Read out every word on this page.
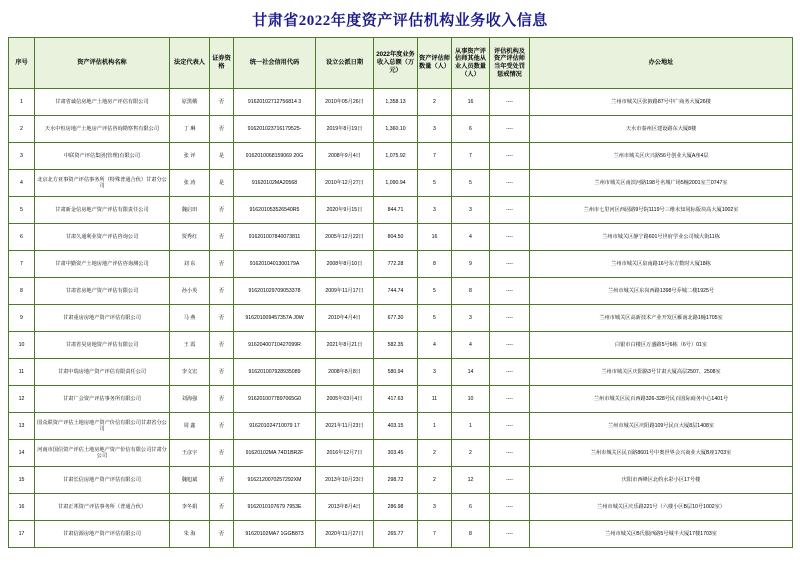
甘肃省2022年度资产评估机构业务收入信息
序号	资产评估机构名称	法定代表人	证券资格	统一社会信用代码	设立公派日期	2022年度业务收入总额（万元）	资产评估师数量（人）	从事资产评估师其他从业人员数量（人）	评估机构及资产评估师当年受处罚惩戒情况	办公地址
1	甘肃省诚信房地产土地房产评估有限公司	原黑娥	否	91620102712756814 3	2010年05月26日	1,358.13	2	16	----	兰州市城关区张掖路87号中广商务大厦26楼
2	天水中恒房地产土地房产评估咨询勘察售有限公司	丁 琳	否	916201023716179525-	2019年8月19日	1,360.10	3	6	----	天水市秦州区建设路东大厦8楼
3	中联资产评估集团(管理)有限公司	张 评	是	9162010068159069 20G	2008年9月4日	1,075.92	7	7	----	兰州市城关区庆兴路56号创业大厦A座4层
4	北京北方亚事资产评估事务所（特殊普通合伙）甘肃分公司	张 涛	是	91620102MA20568	2010年12月27日	1,090.94	5	5	----	兰州市城关区南滨河路198号名城广场5幢2001室兰0747室
5	甘肃新金信房地产资产评估有限责任公司	魏启田	否	916201053526540R5	2020年9月15日	844.71	3	3	----	兰州市七里河区西固路9号院1119号三维未知同标版块高大厦1002室
6	甘肃久通利业资产评估咨询公司	贾秀红	否	916201007840073811	2005年12月22日	804.50	16	4	----	兰州市城关区静宁路601号世府学业公司城大街11栋
7	甘肃中勤资产土地房地产评估咨询测公司	刘 东	否	9162010401300179A	2008年8月10日	772.28	8	9	----	兰州市城关区泉南路16号东方数时大厦18栋
8	甘肃省房地产资产评估有限公司	孙小英	否	916201029709053378	2009年11月17日	744.74	5	8	----	兰州市城关区东岗西路1398号乔城二楼1925号
9	甘肃重房房地产资产评估有限公司	马 燕	否	916201009457357A J0W	2010年4月4日	677.30	5	3	----	兰州市城关区高新技术产业开发区雁南北路1幢1705室
10	甘肃省昊房地资产评估有限公司	王 霞	否	91620400710427099R	2021年8月21日	582.35	4	4	----	白银市白楼区万盛路5号6栋（6号）01室
11	甘肃中瑞房地产资产评估有限责任公司	李文宏	否	916201007928935089	2008年8月8日	580.94	3	14	----	兰州市城关区庆阳路3号甘肃大厦高层2507、2508室
12	甘肃广会资产评估事务所有限公司	刘海强	否	9162010077897065G0	2005年03月4日	417.63	11	10	----	兰州市城关区民百西路326-328号民百国际商务中心1401号
13	国众联资产评估土地房地产资产价信有限公司甘肃省分公司	周 鑫	否	916201024710079 17	2021年11月23日	403.15	1	1	----	兰州市城关区庆阳路109号民百大厦8层1408室
14	河南市国信资产评估土地房地产资产价信有限公司甘肃分公司	王彦宇	否	91620102MA 74D1BR2F	2016年12月7日	303.45	2	2	----	兰州市城关区民百路8601号中奥世界会兴商业大厦B座1703室
15	甘肃长信房地产资产评估有限公司	魏旭斌	否	9162120070257292XM	2013年10月23日	298.72	2	12	----	庆阳市西峰区北约水彩小区17号楼
16	甘肃正邦资产评估事务所（普通合伙）	李冬娟	否	9162010107679 7953E	2013年8月4日	286.98	3	6	----	兰州市城关区庆乐路221号（六楼小区B层10号1002室）
17	甘肃信源房地产资产评估有限公司	朱 海	否	91620102MA7 1GGB873	2020年11月27日	265.77	7	8	----	兰州市城关区B氏服西路5号城丰大厦17楼1703室
